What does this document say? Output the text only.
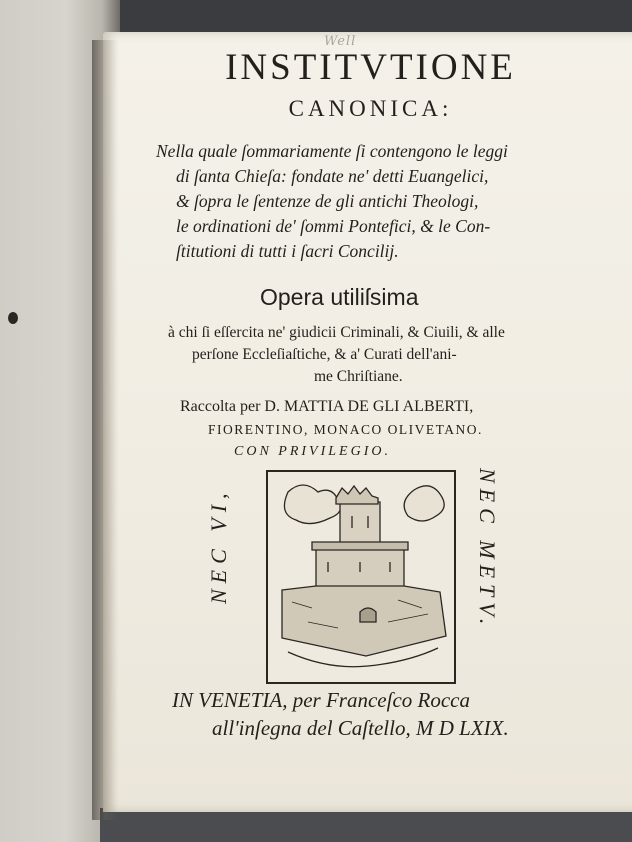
Well
INSTITVTIONE
CANONICA:
Nella quale ſommariamente ſi contengono le leggi
di ſanta Chieſa: fondate ne' detti Euangelici,
& ſopra le ſentenze de gli antichi Theologi,
le ordinationi de' ſommi Pontefici, & le Con-
ſtitutioni di tutti i ſacri Concilij.
Opera utiliſsima
à chi ſi eſſercita ne' giudicii Criminali, & Ciuili, & alle
perſone Eccleſiaſtiche, & a' Curati dell'ani-
me Chriſtiane.
Raccolta per D. MATTIA DE GLI ALBERTI,
FIORENTINO, MONACO OLIVETANO.
CON PRIVILEGIO.
NEC VI,	NEC METV.
IN VENETIA, per Franceſco Rocca
all'inſegna del Caſtello, M D LXIX.
